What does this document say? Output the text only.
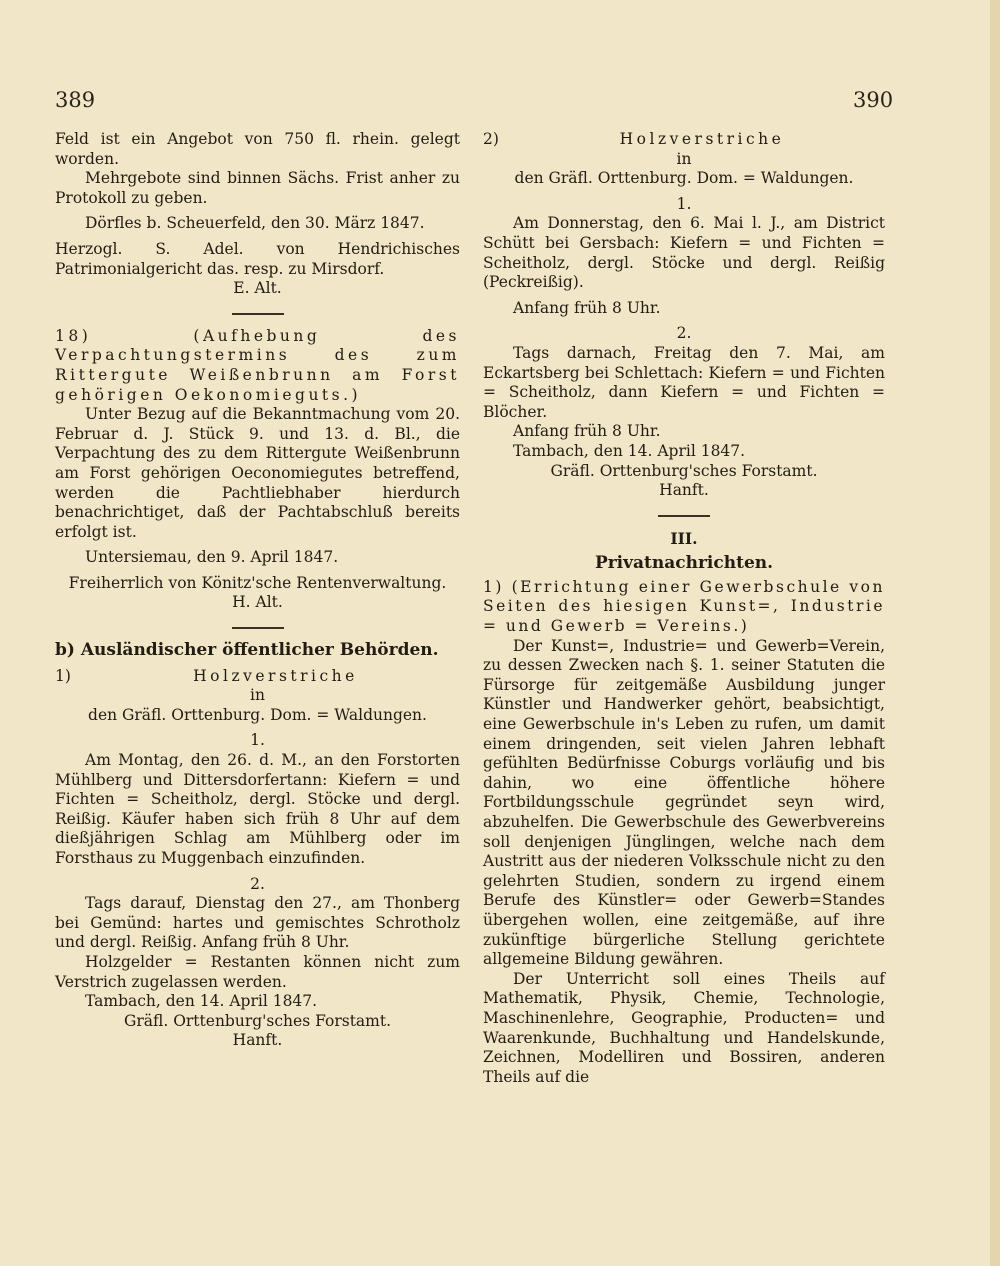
389	390

Feld ist ein Angebot von 750 fl. rhein. gelegt worden.

Mehrgebote sind binnen Sächs. Frist anher zu Protokoll zu geben.

Dörfles b. Scheuerfeld, den 30. März 1847.

Herzogl. S. Adel. von Hendrichisches Patrimonialgericht das. resp. zu Mirsdorf.

E. Alt.

18) (Aufhebung des Verpachtungstermins des zum Rittergute Weißenbrunn am Forst gehörigen Oekonomieguts.)

Unter Bezug auf die Bekanntmachung vom 20. Februar d. J. Stück 9. und 13. d. Bl., die Verpachtung des zu dem Rittergute Weißenbrunn am Forst gehörigen Oeconomiegutes betreffend, werden die Pachtliebhaber hierdurch benachrichtiget, daß der Pachtabschluß bereits erfolgt ist.

Untersiemau, den 9. April 1847.

Freiherrlich von Könitz'sche Rentenverwaltung.

H. Alt.

b) Ausländischer öffentlicher Behörden.

1)	Holzverstriche

in

den Gräfl. Orttenburg. Dom. = Waldungen.

1.

Am Montag, den 26. d. M., an den Forstorten Mühlberg und Dittersdorfertann: Kiefern = und Fichten = Scheitholz, dergl. Stöcke und dergl. Reißig. Käufer haben sich früh 8 Uhr auf dem dießjährigen Schlag am Mühlberg oder im Forsthaus zu Muggenbach einzufinden.

2.

Tags darauf, Dienstag den 27., am Thonberg bei Gemünd: hartes und gemischtes Schrotholz und dergl. Reißig. Anfang früh 8 Uhr.

Holzgelder = Restanten können nicht zum Verstrich zugelassen werden.

Tambach, den 14. April 1847.

Gräfl. Orttenburg'sches Forstamt.

Hanft.

2)	Holzverstriche

in

den Gräfl. Orttenburg. Dom. = Waldungen.

1.

Am Donnerstag, den 6. Mai l. J., am District Schütt bei Gersbach: Kiefern = und Fichten = Scheitholz, dergl. Stöcke und dergl. Reißig (Peckreißig).

Anfang früh 8 Uhr.

2.

Tags darnach, Freitag den 7. Mai, am Eckartsberg bei Schlettach: Kiefern = und Fichten = Scheitholz, dann Kiefern = und Fichten = Blöcher.

Anfang früh 8 Uhr.

Tambach, den 14. April 1847.

Gräfl. Orttenburg'sches Forstamt.

Hanft.

III.

Privatnachrichten.

1) (Errichtung einer Gewerbschule von Seiten des hiesigen Kunst=, Industrie = und Gewerb = Vereins.)

Der Kunst=, Industrie= und Gewerb=Verein, zu dessen Zwecken nach §. 1. seiner Statuten die Fürsorge für zeitgemäße Ausbildung junger Künstler und Handwerker gehört, beabsichtigt, eine Gewerbschule in's Leben zu rufen, um damit einem dringenden, seit vielen Jahren lebhaft gefühlten Bedürfnisse Coburgs vorläufig und bis dahin, wo eine öffentliche höhere Fortbildungsschule gegründet seyn wird, abzuhelfen. Die Gewerbschule des Gewerbvereins soll denjenigen Jünglingen, welche nach dem Austritt aus der niederen Volksschule nicht zu den gelehrten Studien, sondern zu irgend einem Berufe des Künstler= oder Gewerb=Standes übergehen wollen, eine zeitgemäße, auf ihre zukünftige bürgerliche Stellung gerichtete allgemeine Bildung gewähren.

Der Unterricht soll eines Theils auf Mathematik, Physik, Chemie, Technologie, Maschinenlehre, Geographie, Producten= und Waarenkunde, Buchhaltung und Handelskunde, Zeichnen, Modelliren und Bossiren, anderen Theils auf die
